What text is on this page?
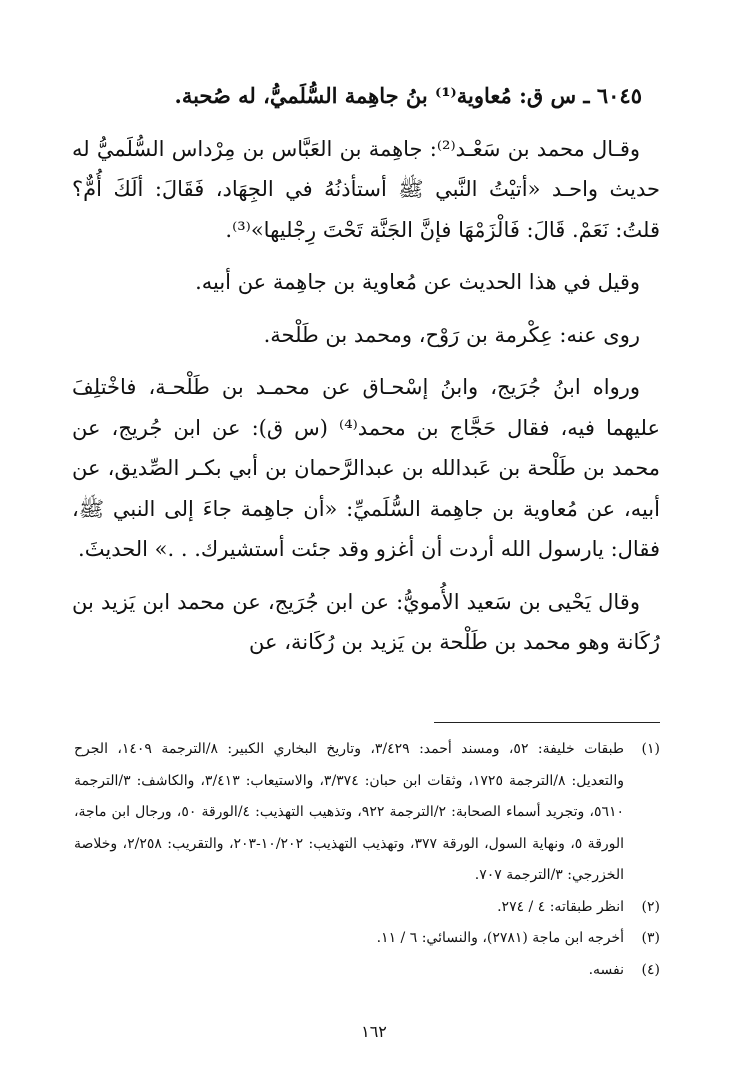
٦٠٤٥ ـ س ق: مُعاوية⁽¹⁾ بنُ جاهِمة السُّلَميُّ، له صُحبة.

وقـال محمد بن سَعْـد⁽²⁾: جاهِمة بن العَبَّاس بن مِرْداس السُّلَميُّ له حديث واحـد «أتيْتُ النَّبي ﷺ أستأذنُهُ في الجِهَاد، فَقَالَ: ألَكَ أُمٌّ؟ قلتُ: نَعَمْ. قَالَ: فَالْزَمْهَا فإنَّ الجَنَّة تَحْتَ رِجْليها»⁽³⁾.

وقيل في هذا الحديث عن مُعاوية بن جاهِمة عن أبيه.

روى عنه: عِكْرمة بن رَوْح، ومحمد بن طَلْحة.

ورواه ابنُ جُرَيج، وابنُ إسْحـاق عن محمـد بن طَلْحـة، فاخْتلِفَ عليهما فيه، فقال حَجَّاج بن محمد⁽⁴⁾ (س ق): عن ابن جُريج، عن محمد بن طَلْحة بن عَبدالله بن عبدالرَّحمان بن أبي بكـر الصِّديق، عن أبيه، عن مُعاوية بن جاهِمة السُّلَميِّ: «أن جاهِمة جاءَ إلى النبي ﷺ، فقال: يارسول الله أردت أن أغزو وقد جئت أستشيرك. . .» الحديثَ.

وقال يَحْيى بن سَعيد الأُمويُّ: عن ابن جُرَيج، عن محمد ابن يَزيد بن رُكَانة وهو محمد بن طَلْحة بن يَزيد بن رُكَانة، عن

(١)
طبقات خليفة: ٥٢، ومسند أحمد: ٣/٤٢٩، وتاريخ البخاري الكبير: ٨/الترجمة ١٤٠٩، الجرح والتعديل: ٨/الترجمة ١٧٢٥، وثقات ابن حبان: ٣/٣٧٤، والاستيعاب: ٣/٤١٣، والكاشف: ٣/الترجمة ٥٦١٠، وتجريد أسماء الصحابة: ٢/الترجمة ٩٢٢، وتذهيب التهذيب: ٤/الورقة ٥٠، ورجال ابن ماجة، الورقة ٥، ونهاية السول، الورقة ٣٧٧، وتهذيب التهذيب: ١٠/٢٠٢-٢٠٣، والتقريب: ٢/٢٥٨، وخلاصة الخزرجي: ٣/الترجمة ٧٠٧.
(٢)
انظر طبقاته: ٤ / ٢٧٤.
(٣)
أخرجه ابن ماجة (٢٧٨١)، والنسائي: ٦ / ١١.
(٤)
نفسه.
١٦٢
